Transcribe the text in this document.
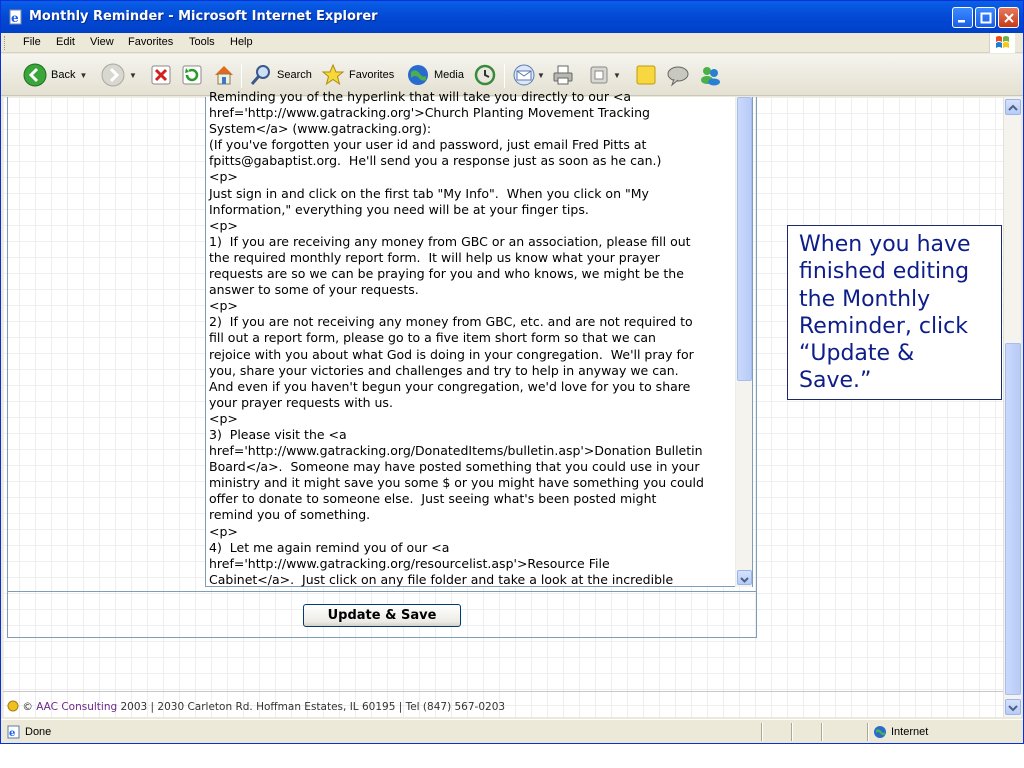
e Monthly Reminder - Microsoft Internet Explorer
File Edit View Favorites Tools Help
Back ▼	▼	Search	Favorites	Media	▼	▼
Reminding you of the hyperlink that will take you directly to our <a
href='http://www.gatracking.org'>Church Planting Movement Tracking
System</a> (www.gatracking.org):
(If you've forgotten your user id and password, just email Fred Pitts at
fpitts@gabaptist.org.  He'll send you a response just as soon as he can.)
<p>
Just sign in and click on the first tab "My Info".  When you click on "My
Information," everything you need will be at your finger tips.
<p>
1)  If you are receiving any money from GBC or an association, please fill out
the required monthly report form.  It will help us know what your prayer
requests are so we can be praying for you and who knows, we might be the
answer to some of your requests.
<p>
2)  If you are not receiving any money from GBC, etc. and are not required to
fill out a report form, please go to a five item short form so that we can
rejoice with you about what God is doing in your congregation.  We'll pray for
you, share your victories and challenges and try to help in anyway we can.
And even if you haven't begun your congregation, we'd love for you to share
your prayer requests with us.
<p>
3)  Please visit the <a
href='http://www.gatracking.org/DonatedItems/bulletin.asp'>Donation Bulletin
Board</a>.  Someone may have posted something that you could use in your
ministry and it might save you some $ or you might have something you could
offer to donate to someone else.  Just seeing what's been posted might
remind you of something.
<p>
4)  Let me again remind you of our <a
href='http://www.gatracking.org/resourcelist.asp'>Resource File
Cabinet</a>.  Just click on any file folder and take a look at the incredible
Update & Save
When you have finished editing the Monthly Reminder, click “Update & Save.”
© AAC Consulting 2003 | 2030 Carleton Rd. Hoffman Estates, IL 60195 | Tel (847) 567-0203
e Done	Internet
